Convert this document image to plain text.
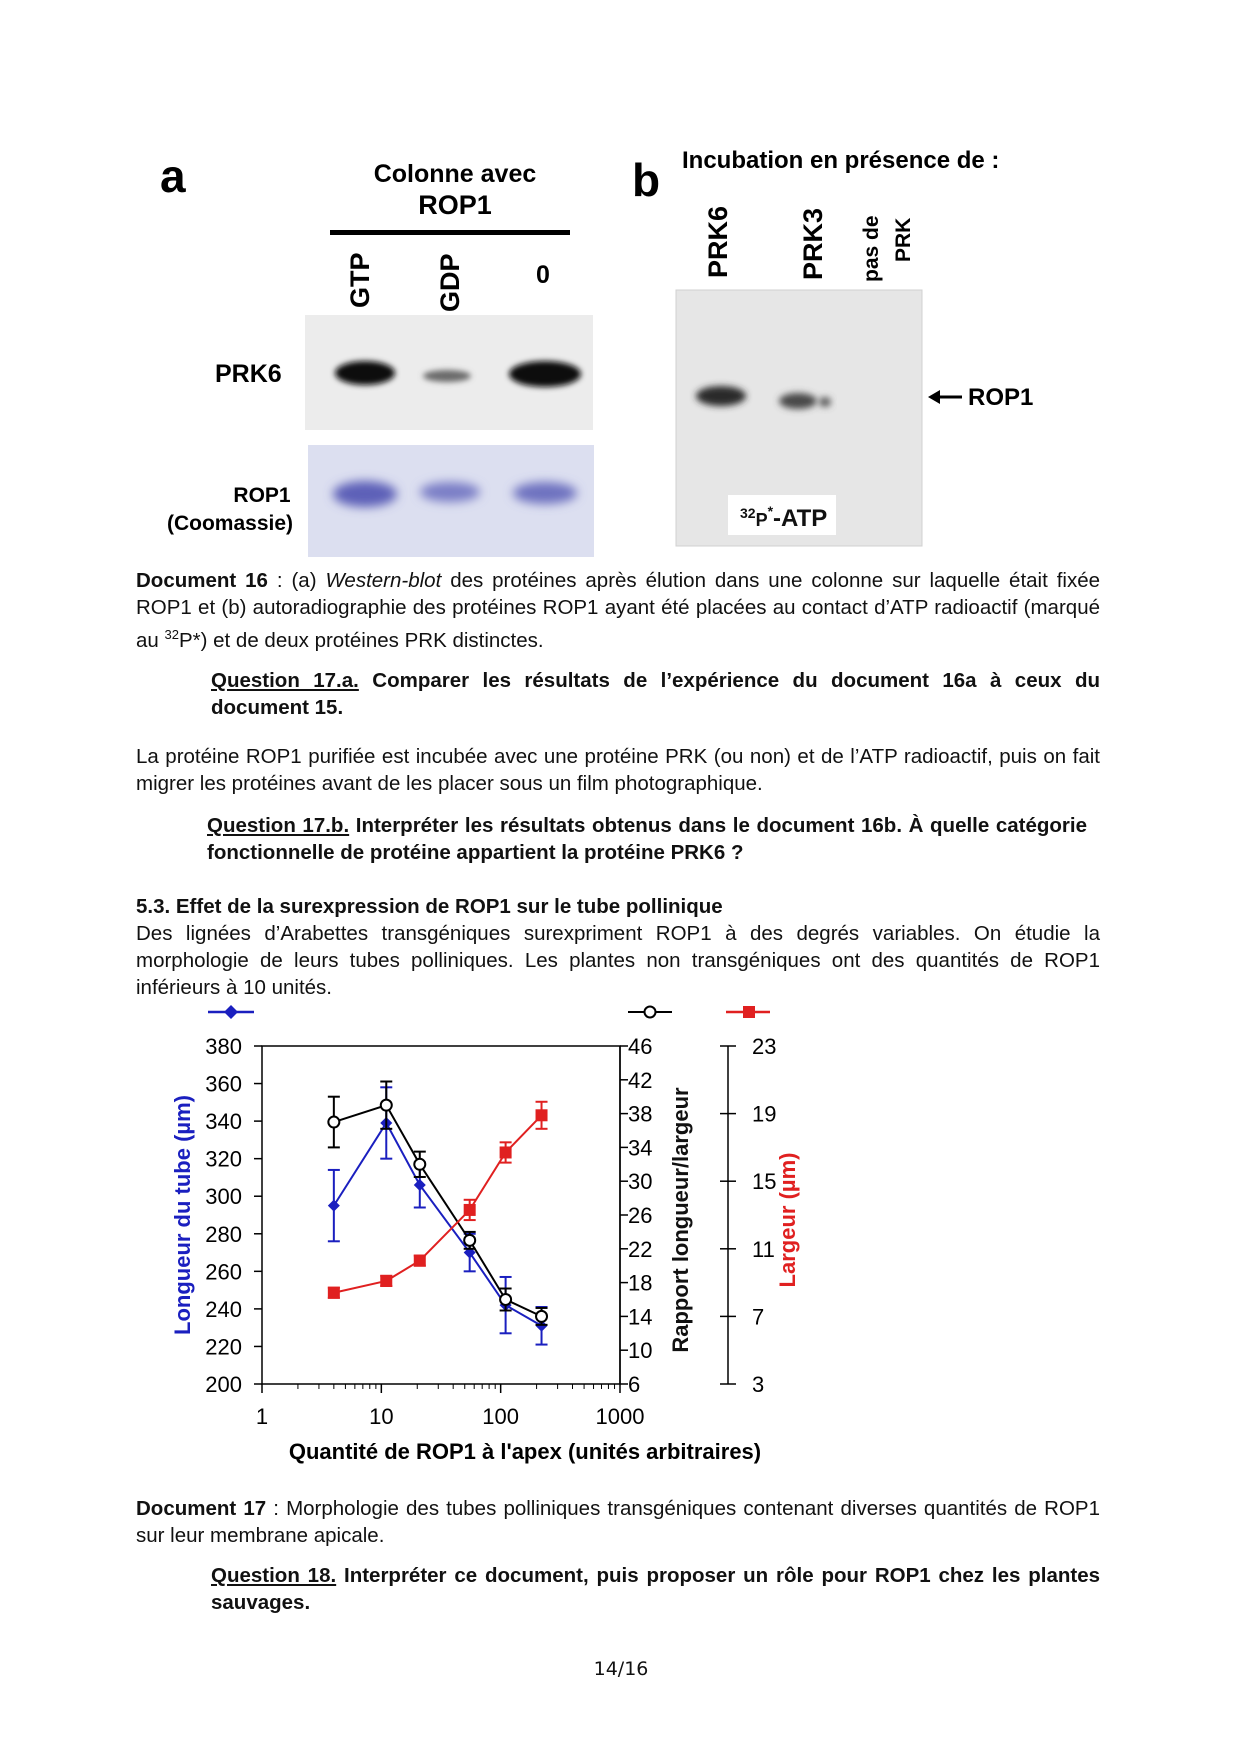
a	Colonne avec
ROP1
GTP GDP	0
PRK6
ROP1
(Coomassie)
b Incubation en présence de :
PRK6 PRK3 pas de PRK
32P*-ATP
ROP1
Document 16 : (a) Western-blot des protéines après élution dans une colonne sur laquelle était fixée ROP1 et (b) autoradiographie des protéines ROP1 ayant été placées au contact d’ATP radioactif (marqué au $^{32}$P*) et de deux protéines PRK distinctes.
Question 17.a. Comparer les résultats de l’expérience du document 16a à ceux du document 15.
La protéine ROP1 purifiée est incubée avec une protéine PRK (ou non) et de l’ATP radioactif, puis on fait migrer les protéines avant de les placer sous un film photographique.
Question 17.b. Interpréter les résultats obtenus dans le document 16b. À quelle catégorie fonctionnelle de protéine appartient la protéine PRK6 ?
5.3. Effet de la surexpression de ROP1 sur le tube pollinique
Des lignées d’Arabettes transgéniques surexpriment ROP1 à des degrés variables. On étudie la morphologie de leurs tubes polliniques. Les plantes non transgéniques ont des quantités de ROP1 inférieurs à 10 unités.
Longueur du tube (µm)	Rapport longueur/largeur	Largeur (µm)
Quantité de ROP1 à l'apex (unités arbitraires)
1	10	100	1000
200
220
240
260
280
300
320
340
360
380
6
10
14
18
22
26
30
34
38
42
46
3
7
11
15
19
23
Document 17 : Morphologie des tubes polliniques transgéniques contenant diverses quantités de ROP1 sur leur membrane apicale.
Question 18. Interpréter ce document, puis proposer un rôle pour ROP1 chez les plantes sauvages.
14/16
